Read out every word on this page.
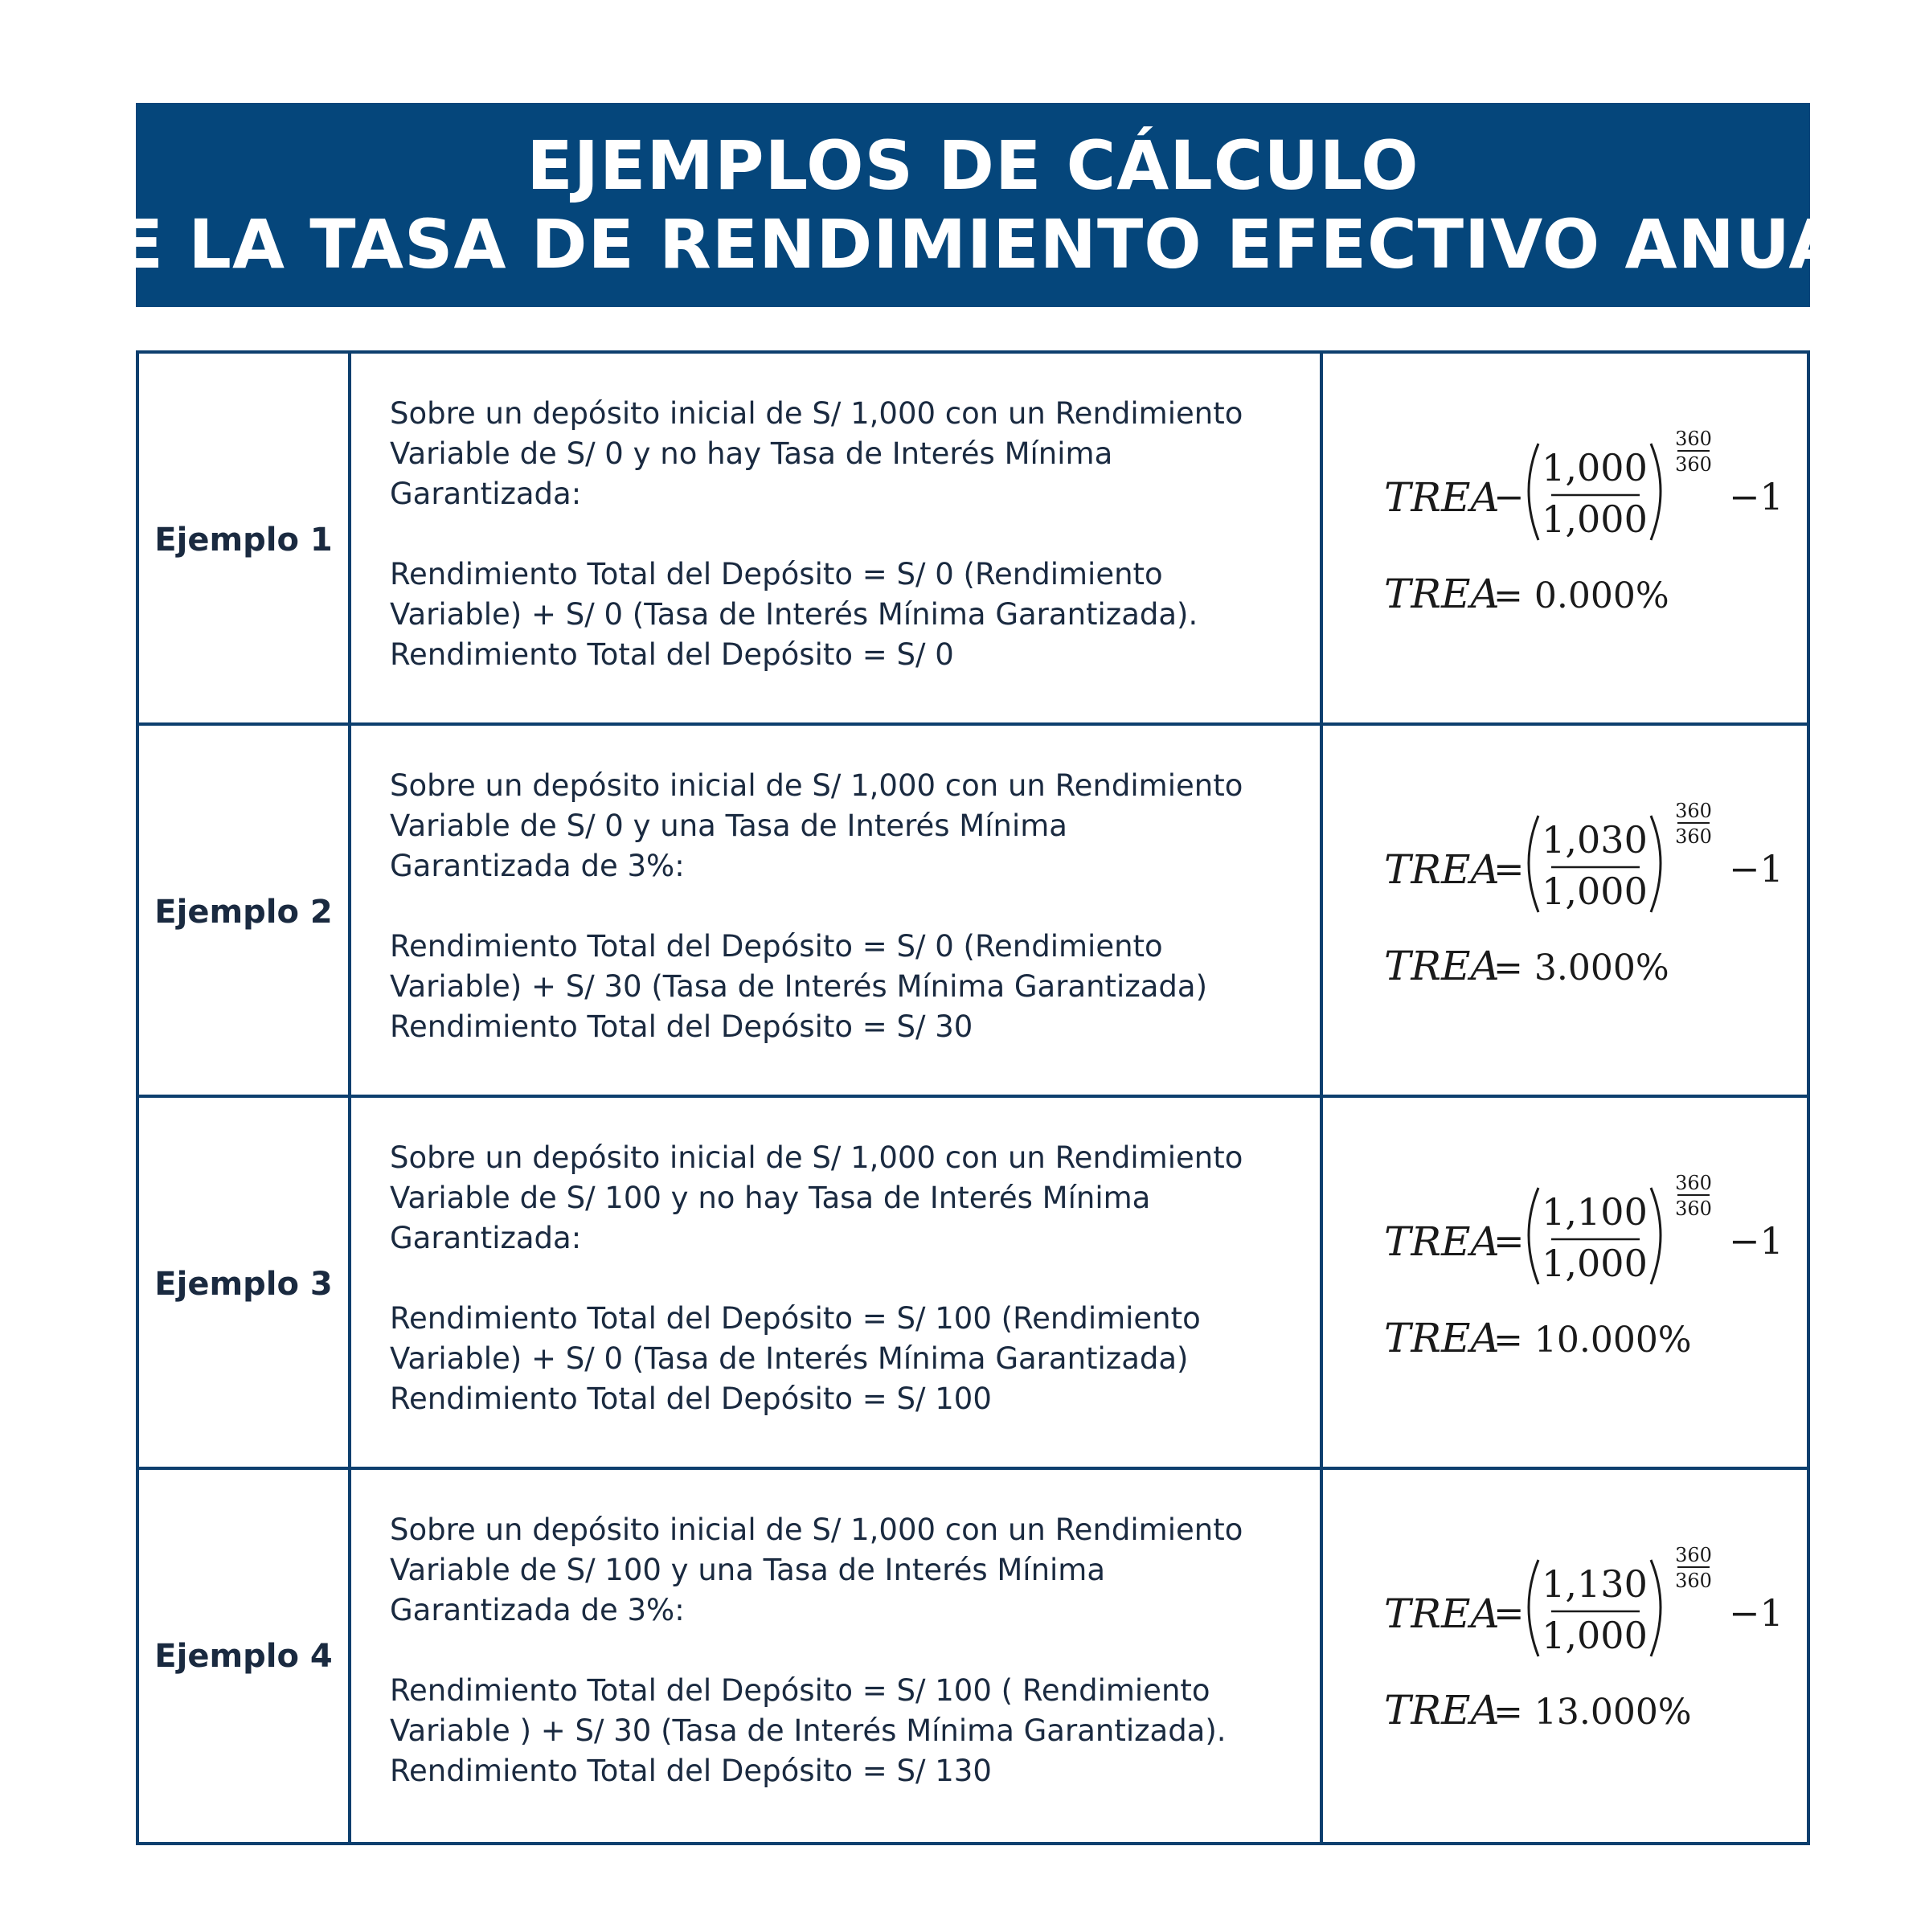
EJEMPLOS DE CÁLCULO
DE LA TASA DE RENDIMIENTO EFECTIVO ANUAL
Ejemplo 1

Sobre un depósito inicial de S/ 1,000 con un Rendimiento
Variable de S/ 0 y no hay Tasa de Interés Mínima
Garantizada:

Rendimiento Total del Depósito = S/ 0 (Rendimiento
Variable) + S/ 0 (Tasa de Interés Mínima Garantizada).
Rendimiento Total del Depósito = S/ 0

TREA
−
1,000
1,000
360
360
−1
TREA
= 0.000%
Ejemplo 2

Sobre un depósito inicial de S/ 1,000 con un Rendimiento
Variable de S/ 0 y una Tasa de Interés Mínima
Garantizada de 3%:

Rendimiento Total del Depósito = S/ 0 (Rendimiento
Variable) + S/ 30 (Tasa de Interés Mínima Garantizada)
Rendimiento Total del Depósito = S/ 30

TREA
=
1,030
1,000
360
360
−1
TREA
= 3.000%
Ejemplo 3

Sobre un depósito inicial de S/ 1,000 con un Rendimiento
Variable de S/ 100 y no hay Tasa de Interés Mínima
Garantizada:

Rendimiento Total del Depósito = S/ 100 (Rendimiento
Variable) + S/ 0 (Tasa de Interés Mínima Garantizada)
Rendimiento Total del Depósito = S/ 100

TREA
=
1,100
1,000
360
360
−1
TREA
= 10.000%
Ejemplo 4

Sobre un depósito inicial de S/ 1,000 con un Rendimiento
Variable de S/ 100 y una Tasa de Interés Mínima
Garantizada de 3%:

Rendimiento Total del Depósito = S/ 100 ( Rendimiento
Variable ) + S/ 30 (Tasa de Interés Mínima Garantizada).
Rendimiento Total del Depósito = S/ 130

TREA
=
1,130
1,000
360
360
−1
TREA
= 13.000%
